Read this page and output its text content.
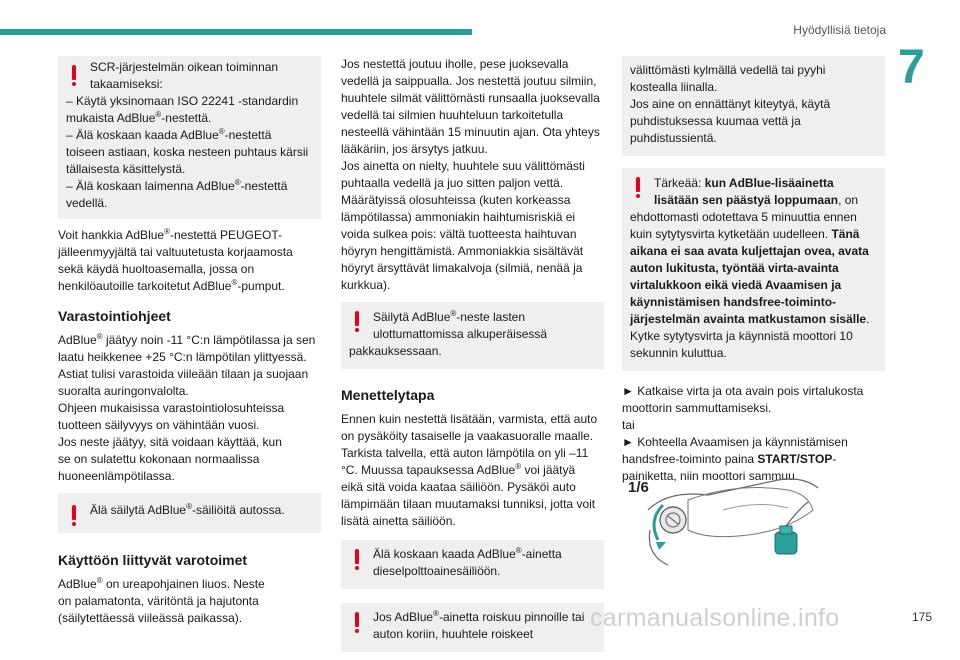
Hyödyllisiä tietoja
7
SCR-järjestelmän oikean toiminnan
takaamiseksi:
– Käytä yksinomaan ISO 22241 -standardin
mukaista AdBlue®-nestettä.
– Älä koskaan kaada AdBlue®-nestettä
toiseen astiaan, koska nesteen puhtaus kärsii
tällaisesta käsittelystä.
– Älä koskaan laimenna AdBlue®-nestettä
vedellä.
Voit hankkia AdBlue®-nestettä PEUGEOT-
jälleenmyyjältä tai valtuutetusta korjaamosta
sekä käydä huoltoasemalla, jossa on
henkilöautoille tarkoitetut AdBlue®-pumput.
Varastointiohjeet
AdBlue® jäätyy noin -11 °C:n lämpötilassa ja sen
laatu heikkenee +25 °C:n lämpötilan ylittyessä.
Astiat tulisi varastoida viileään tilaan ja suojaan
suoralta auringonvalolta.
Ohjeen mukaisissa varastointiolosuhteissa
tuotteen säilyvyys on vähintään vuosi.
Jos neste jäätyy, sitä voidaan käyttää, kun
se on sulatettu kokonaan normaalissa
huoneenlämpötilassa.
Älä säilytä AdBlue®-säiliöitä autossa.
Käyttöön liittyvät varotoimet
AdBlue® on ureapohjainen liuos. Neste
on palamatonta, väritöntä ja hajutonta
(säilytettäessä viileässä paikassa).
Jos nestettä joutuu iholle, pese juoksevalla
vedellä ja saippualla. Jos nestettä joutuu silmiin,
huuhtele silmät välittömästi runsaalla juoksevalla
vedellä tai silmien huuhteluun tarkoitetulla
nesteellä vähintään 15 minuutin ajan. Ota yhteys
lääkäriin, jos ärsytys jatkuu.
Jos ainetta on nielty, huuhtele suu välittömästi
puhtaalla vedellä ja juo sitten paljon vettä.
Määrätyissä olosuhteissa (kuten korkeassa
lämpötilassa) ammoniakin haihtumisriskiä ei
voida sulkea pois: vältä tuotteesta haihtuvan
höyryn hengittämistä. Ammoniakkia sisältävät
höyryt ärsyttävät limakalvoja (silmiä, nenää ja
kurkkua).
Säilytä AdBlue®-neste lasten
ulottumattomissa alkuperäisessä
pakkauksessaan.
Menettelytapa
Ennen kuin nestettä lisätään, varmista, että auto
on pysäköity tasaiselle ja vaakasuoralle maalle.
Tarkista talvella, että auton lämpötila on yli –11
°C. Muussa tapauksessa AdBlue® voi jäätyä
eikä sitä voida kaataa säiliöön. Pysäköi auto
lämpimään tilaan muutamaksi tunniksi, jotta voit
lisätä ainetta säiliöön.
Älä koskaan kaada AdBlue®-ainetta
dieselpolttoainesäiliöön.
Jos AdBlue®-ainetta roiskuu pinnoille tai
auton koriin, huuhtele roiskeet
välittömästi kylmällä vedellä tai pyyhi
kostealla liinalla.
Jos aine on ennättänyt kiteytyä, käytä
puhdistuksessa kuumaa vettä ja
puhdistussientä.
Tärkeää: kun AdBlue-lisäainetta
lisätään sen päästyä loppumaan, on
ehdottomasti odotettava 5 minuuttia ennen
kuin sytytysvirta kytketään uudelleen. Tänä
aikana ei saa avata kuljettajan ovea, avata
auton lukitusta, työntää virta-avainta
virtalukkoon eikä viedä Avaamisen ja
käynnistämisen handsfree-toiminto-
järjestelmän avainta matkustamon sisälle.
Kytke sytytysvirta ja käynnistä moottori 10
sekunnin kuluttua.
► Katkaise virta ja ota avain pois virtalukosta
moottorin sammuttamiseksi.
tai
► Kohteella Avaamisen ja käynnistämisen
handsfree-toiminto paina START/STOP-
painiketta, niin moottori sammuu.
1/6
carmanualsonline.info	175
